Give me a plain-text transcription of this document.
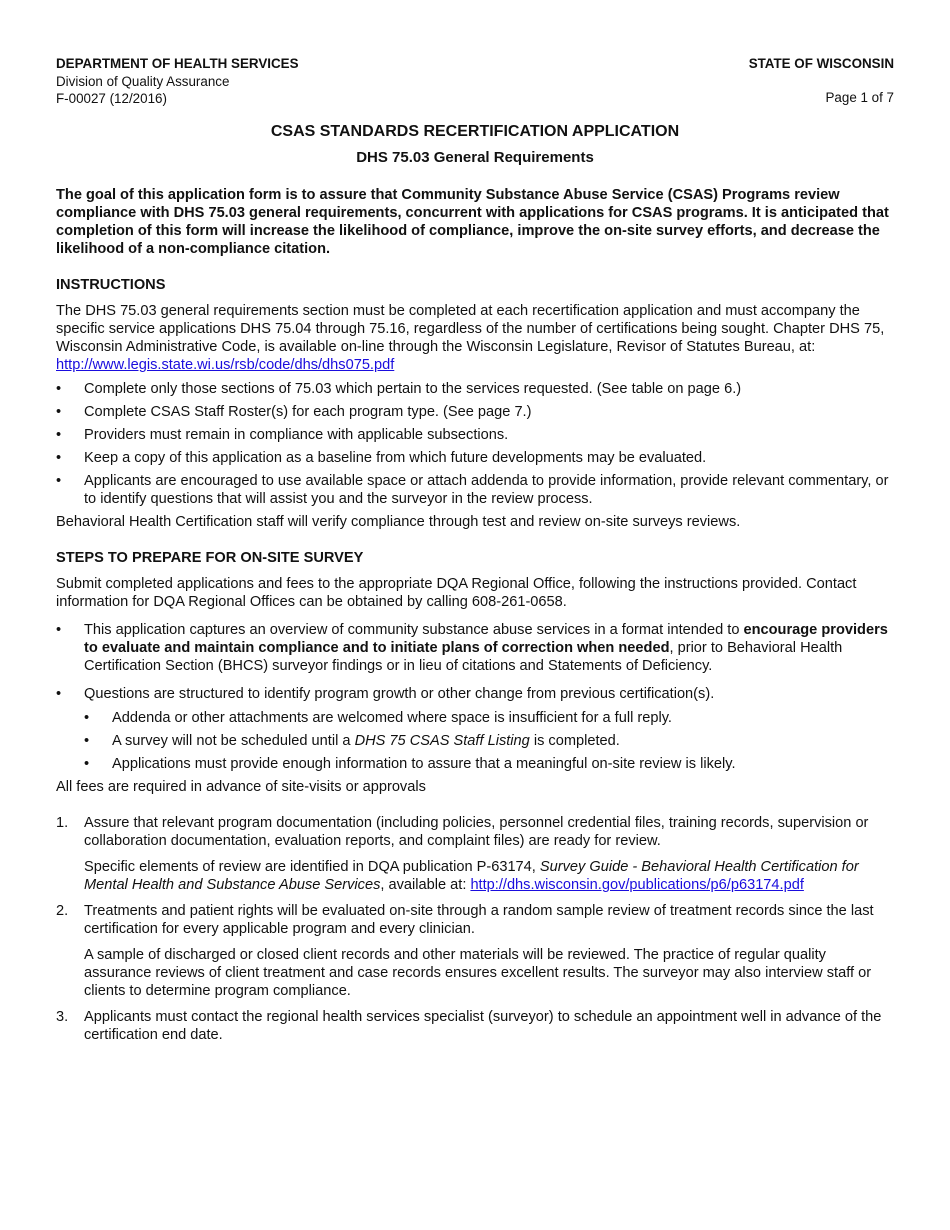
DEPARTMENT OF HEALTH SERVICES
Division of Quality Assurance
F-00027 (12/2016)
STATE OF WISCONSIN
Page 1 of 7
CSAS STANDARDS RECERTIFICATION APPLICATION
DHS 75.03 General Requirements

The goal of this application form is to assure that Community Substance Abuse Service (CSAS) Programs review compliance with DHS 75.03 general requirements, concurrent with applications for CSAS programs. It is anticipated that completion of this form will increase the likelihood of compliance, improve the on-site survey efforts, and decrease the likelihood of a non-compliance citation.

INSTRUCTIONS

The DHS 75.03 general requirements section must be completed at each recertification application and must accompany the specific service applications DHS 75.04 through 75.16, regardless of the number of certifications being sought. Chapter DHS 75, Wisconsin Administrative Code, is available on-line through the Wisconsin Legislature, Revisor of Statutes Bureau, at: http://www.legis.state.wi.us/rsb/code/dhs/dhs075.pdf

•	Complete only those sections of 75.03 which pertain to the services requested. (See table on page 6.)
•	Complete CSAS Staff Roster(s) for each program type. (See page 7.)
•	Providers must remain in compliance with applicable subsections.
•	Keep a copy of this application as a baseline from which future developments may be evaluated.
•	Applicants are encouraged to use available space or attach addenda to provide information, provide relevant commentary, or to identify questions that will assist you and the surveyor in the review process.

Behavioral Health Certification staff will verify compliance through test and review on-site surveys reviews.

STEPS TO PREPARE FOR ON-SITE SURVEY

Submit completed applications and fees to the appropriate DQA Regional Office, following the instructions provided. Contact information for DQA Regional Offices can be obtained by calling 608-261-0658.

•	This application captures an overview of community substance abuse services in a format intended to encourage providers to evaluate and maintain compliance and to initiate plans of correction when needed, prior to Behavioral Health Certification Section (BHCS) surveyor findings or in lieu of citations and Statements of Deficiency.
•	Questions are structured to identify program growth or other change from previous certification(s).
•	Addenda or other attachments are welcomed where space is insufficient for a full reply.
•	A survey will not be scheduled until a DHS 75 CSAS Staff Listing is completed.
•	Applications must provide enough information to assure that a meaningful on-site review is likely.

All fees are required in advance of site-visits or approvals

1.	Assure that relevant program documentation (including policies, personnel credential files, training records, supervision or collaboration documentation, evaluation reports, and complaint files) are ready for review.

Specific elements of review are identified in DQA publication P-63174, Survey Guide - Behavioral Health Certification for Mental Health and Substance Abuse Services, available at: http://dhs.wisconsin.gov/publications/p6/p63174.pdf

2.	Treatments and patient rights will be evaluated on-site through a random sample review of treatment records since the last certification for every applicable program and every clinician.

A sample of discharged or closed client records and other materials will be reviewed. The practice of regular quality assurance reviews of client treatment and case records ensures excellent results. The surveyor may also interview staff or clients to determine program compliance.

3.	Applicants must contact the regional health services specialist (surveyor) to schedule an appointment well in advance of the certification end date.
